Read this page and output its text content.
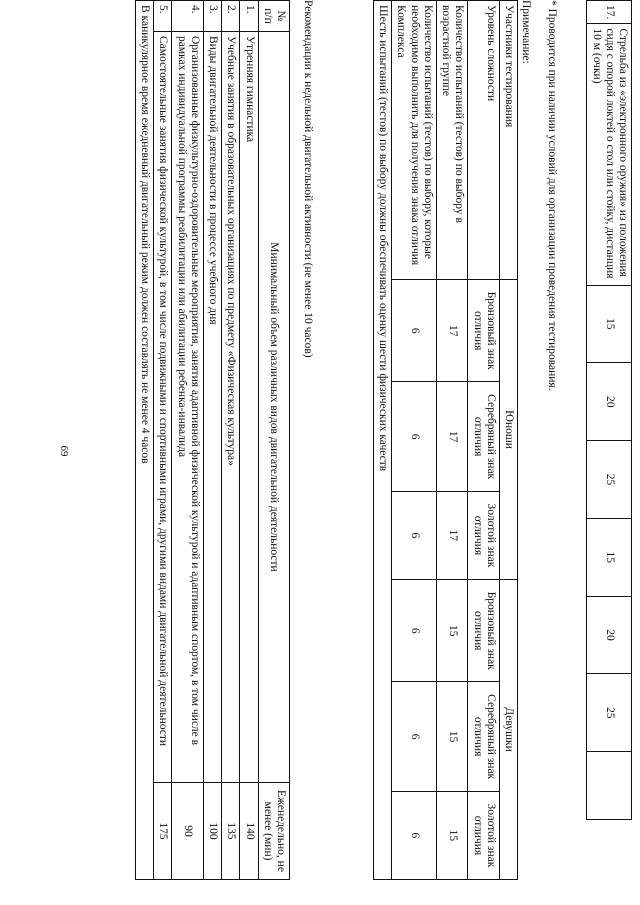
69
17.	Стрельба из «электронного оружия» из положения сидя с опорой локтей о стол или стойку, дистанция 10 м (очки)	15	20	25	15	20	25	
* Проводится при наличии условий для организации проведения тестирования.
Примечание:
Участники тестирования	Юноши			Девушки		
Уровень сложности	Бронзовый знак отличия	Серебряный знак отличия	Золотой знак отличия	Бронзовый знак отличия	Серебряный знак отличия	Золотой знак отличия
Количество испытаний (тестов) по выбору в возрастной группе	17	17	17	15	15	15
Количество испытаний (тестов) по выбору, которые необходимо выполнить для получения знака отличия Комплекса	6	6	6	6	6	6
Шесть испытаний (тестов) по выбору должны обеспечивать оценку шести физических качеств						
Рекомендации к недельной двигательной активности (не менее 10 часов)
№ п/п	Минимальный объем различных видов двигательной деятельности	Еженедельно, не менее (мин)
1.	Утренняя гимнастика	140
2.	Учебные занятия в образовательных организациях по предмету «Физическая культура»	135
3.	Виды двигательной деятельности в процессе учебного дня	100
4.	Организованные физкультурно-оздоровительные мероприятия, занятия адаптивной физической культурой и адаптивным спортом, в том числе в рамках индивидуальной программы реабилитации или абилитации ребенка-инвалида	90
5.	Самостоятельные занятия физической культурой, в том числе подвижными и спортивными играми, другими видами двигательной деятельности	175
В каникулярное время ежедневный двигательный режим должен составлять не менее 4 часов		
